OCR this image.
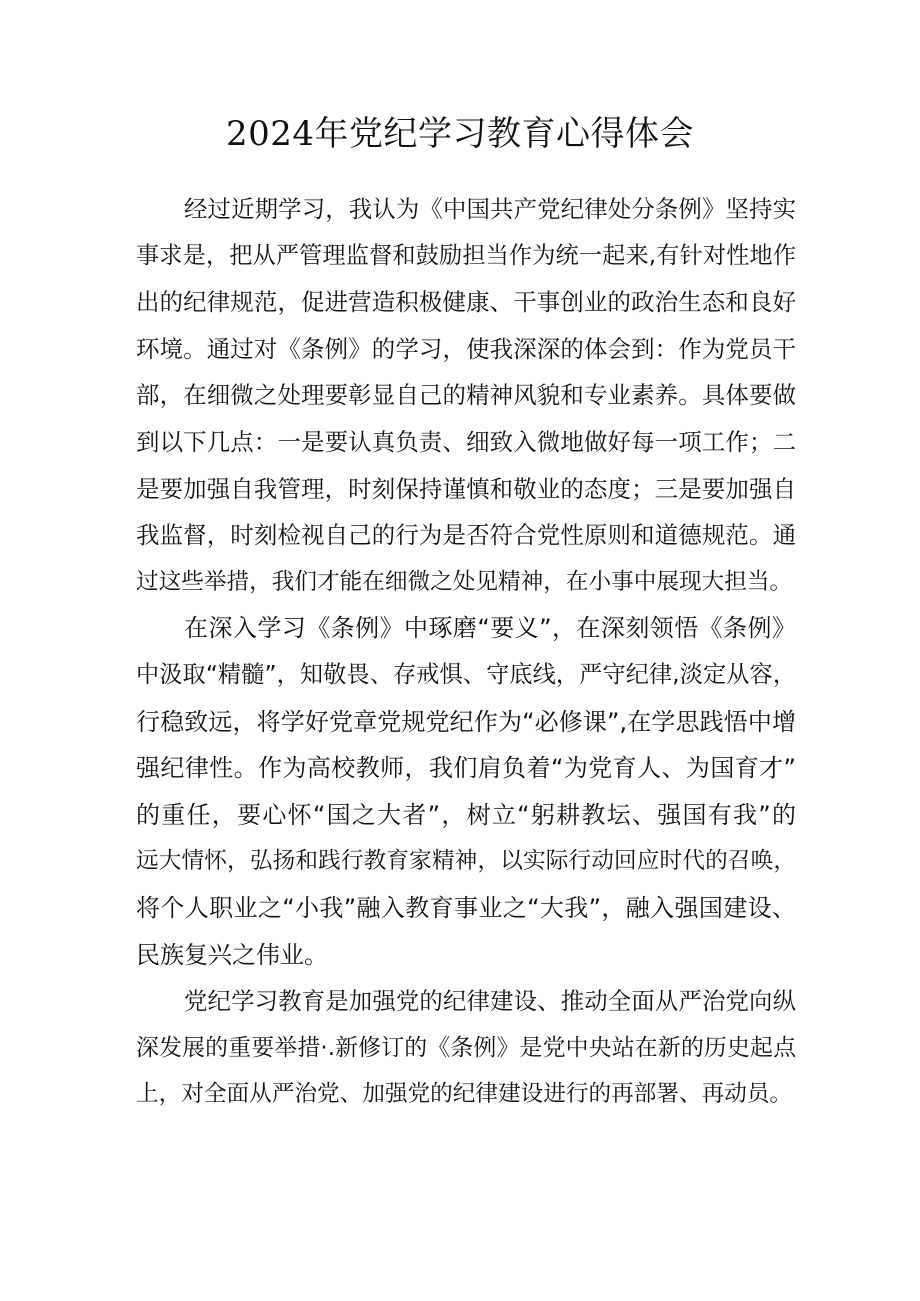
2024年党纪学习教育心得体会
经过近期学习，我认为《中国共产党纪律处分条例》坚持实
事求是，把从严管理监督和鼓励担当作为统一起来,有针对性地作
出的纪律规范，促进营造积极健康、干事创业的政治生态和良好
环境。通过对《条例》的学习，使我深深的体会到：作为党员干
部，在细微之处理要彰显自己的精神风貌和专业素养。具体要做
到以下几点：一是要认真负责、细致入微地做好每一项工作；二
是要加强自我管理，时刻保持谨慎和敬业的态度；三是要加强自
我监督，时刻检视自己的行为是否符合党性原则和道德规范。通
过这些举措，我们才能在细微之处见精神，在小事中展现大担当。
在深入学习《条例》中琢磨“要义”，在深刻领悟《条例》
中汲取“精髓”，知敬畏、存戒惧、守底线，严守纪律,淡定从容，
行稳致远，将学好党章党规党纪作为“必修课”,在学思践悟中增
强纪律性。作为高校教师，我们肩负着“为党育人、为国育才”
的重任，要心怀“国之大者”，树立“躬耕教坛、强国有我”的
远大情怀，弘扬和践行教育家精神，以实际行动回应时代的召唤，
将个人职业之“小我”融入教育事业之“大我”，融入强国建设、
民族复兴之伟业。
党纪学习教育是加强党的纪律建设、推动全面从严治党向纵
深发展的重要举措·.新修订的《条例》是党中央站在新的历史起点
上，对全面从严治党、加强党的纪律建设进行的再部署、再动员。
